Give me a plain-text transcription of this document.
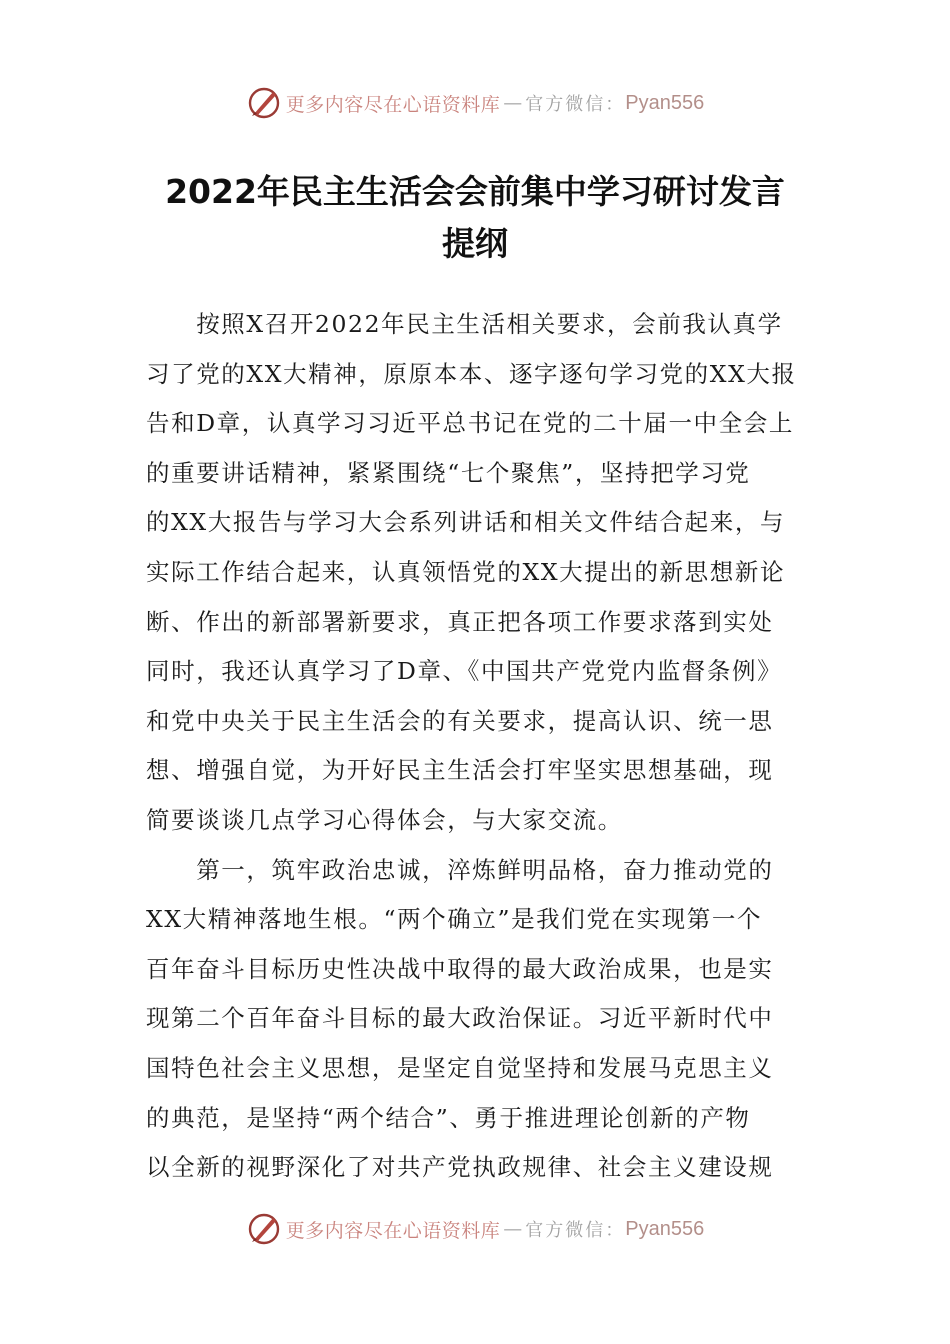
更多内容尽在心语资料库 — 官方微信： Pyan556
2022年民主生活会会前集中学习研讨发言
提纲
　　按照X召开2022年民主生活相关要求，会前我认真学
习了党的XX大精神，原原本本、逐字逐句学习党的XX大报
告和D章，认真学习习近平总书记在党的二十届一中全会上
的重要讲话精神，紧紧围绕“七个聚焦”，坚持把学习党
的XX大报告与学习大会系列讲话和相关文件结合起来，与
实际工作结合起来，认真领悟党的XX大提出的新思想新论
断、作出的新部署新要求，真正把各项工作要求落到实处
同时，我还认真学习了D章、《中国共产党党内监督条例》
和党中央关于民主生活会的有关要求，提高认识、统一思
想、增强自觉，为开好民主生活会打牢坚实思想基础，现
简要谈谈几点学习心得体会，与大家交流。
　　第一，筑牢政治忠诚，淬炼鲜明品格，奋力推动党的
XX大精神落地生根。“两个确立”是我们党在实现第一个
百年奋斗目标历史性决战中取得的最大政治成果，也是实
现第二个百年奋斗目标的最大政治保证。习近平新时代中
国特色社会主义思想，是坚定自觉坚持和发展马克思主义
的典范，是坚持“两个结合”、勇于推进理论创新的产物
以全新的视野深化了对共产党执政规律、社会主义建设规
更多内容尽在心语资料库 — 官方微信： Pyan556
